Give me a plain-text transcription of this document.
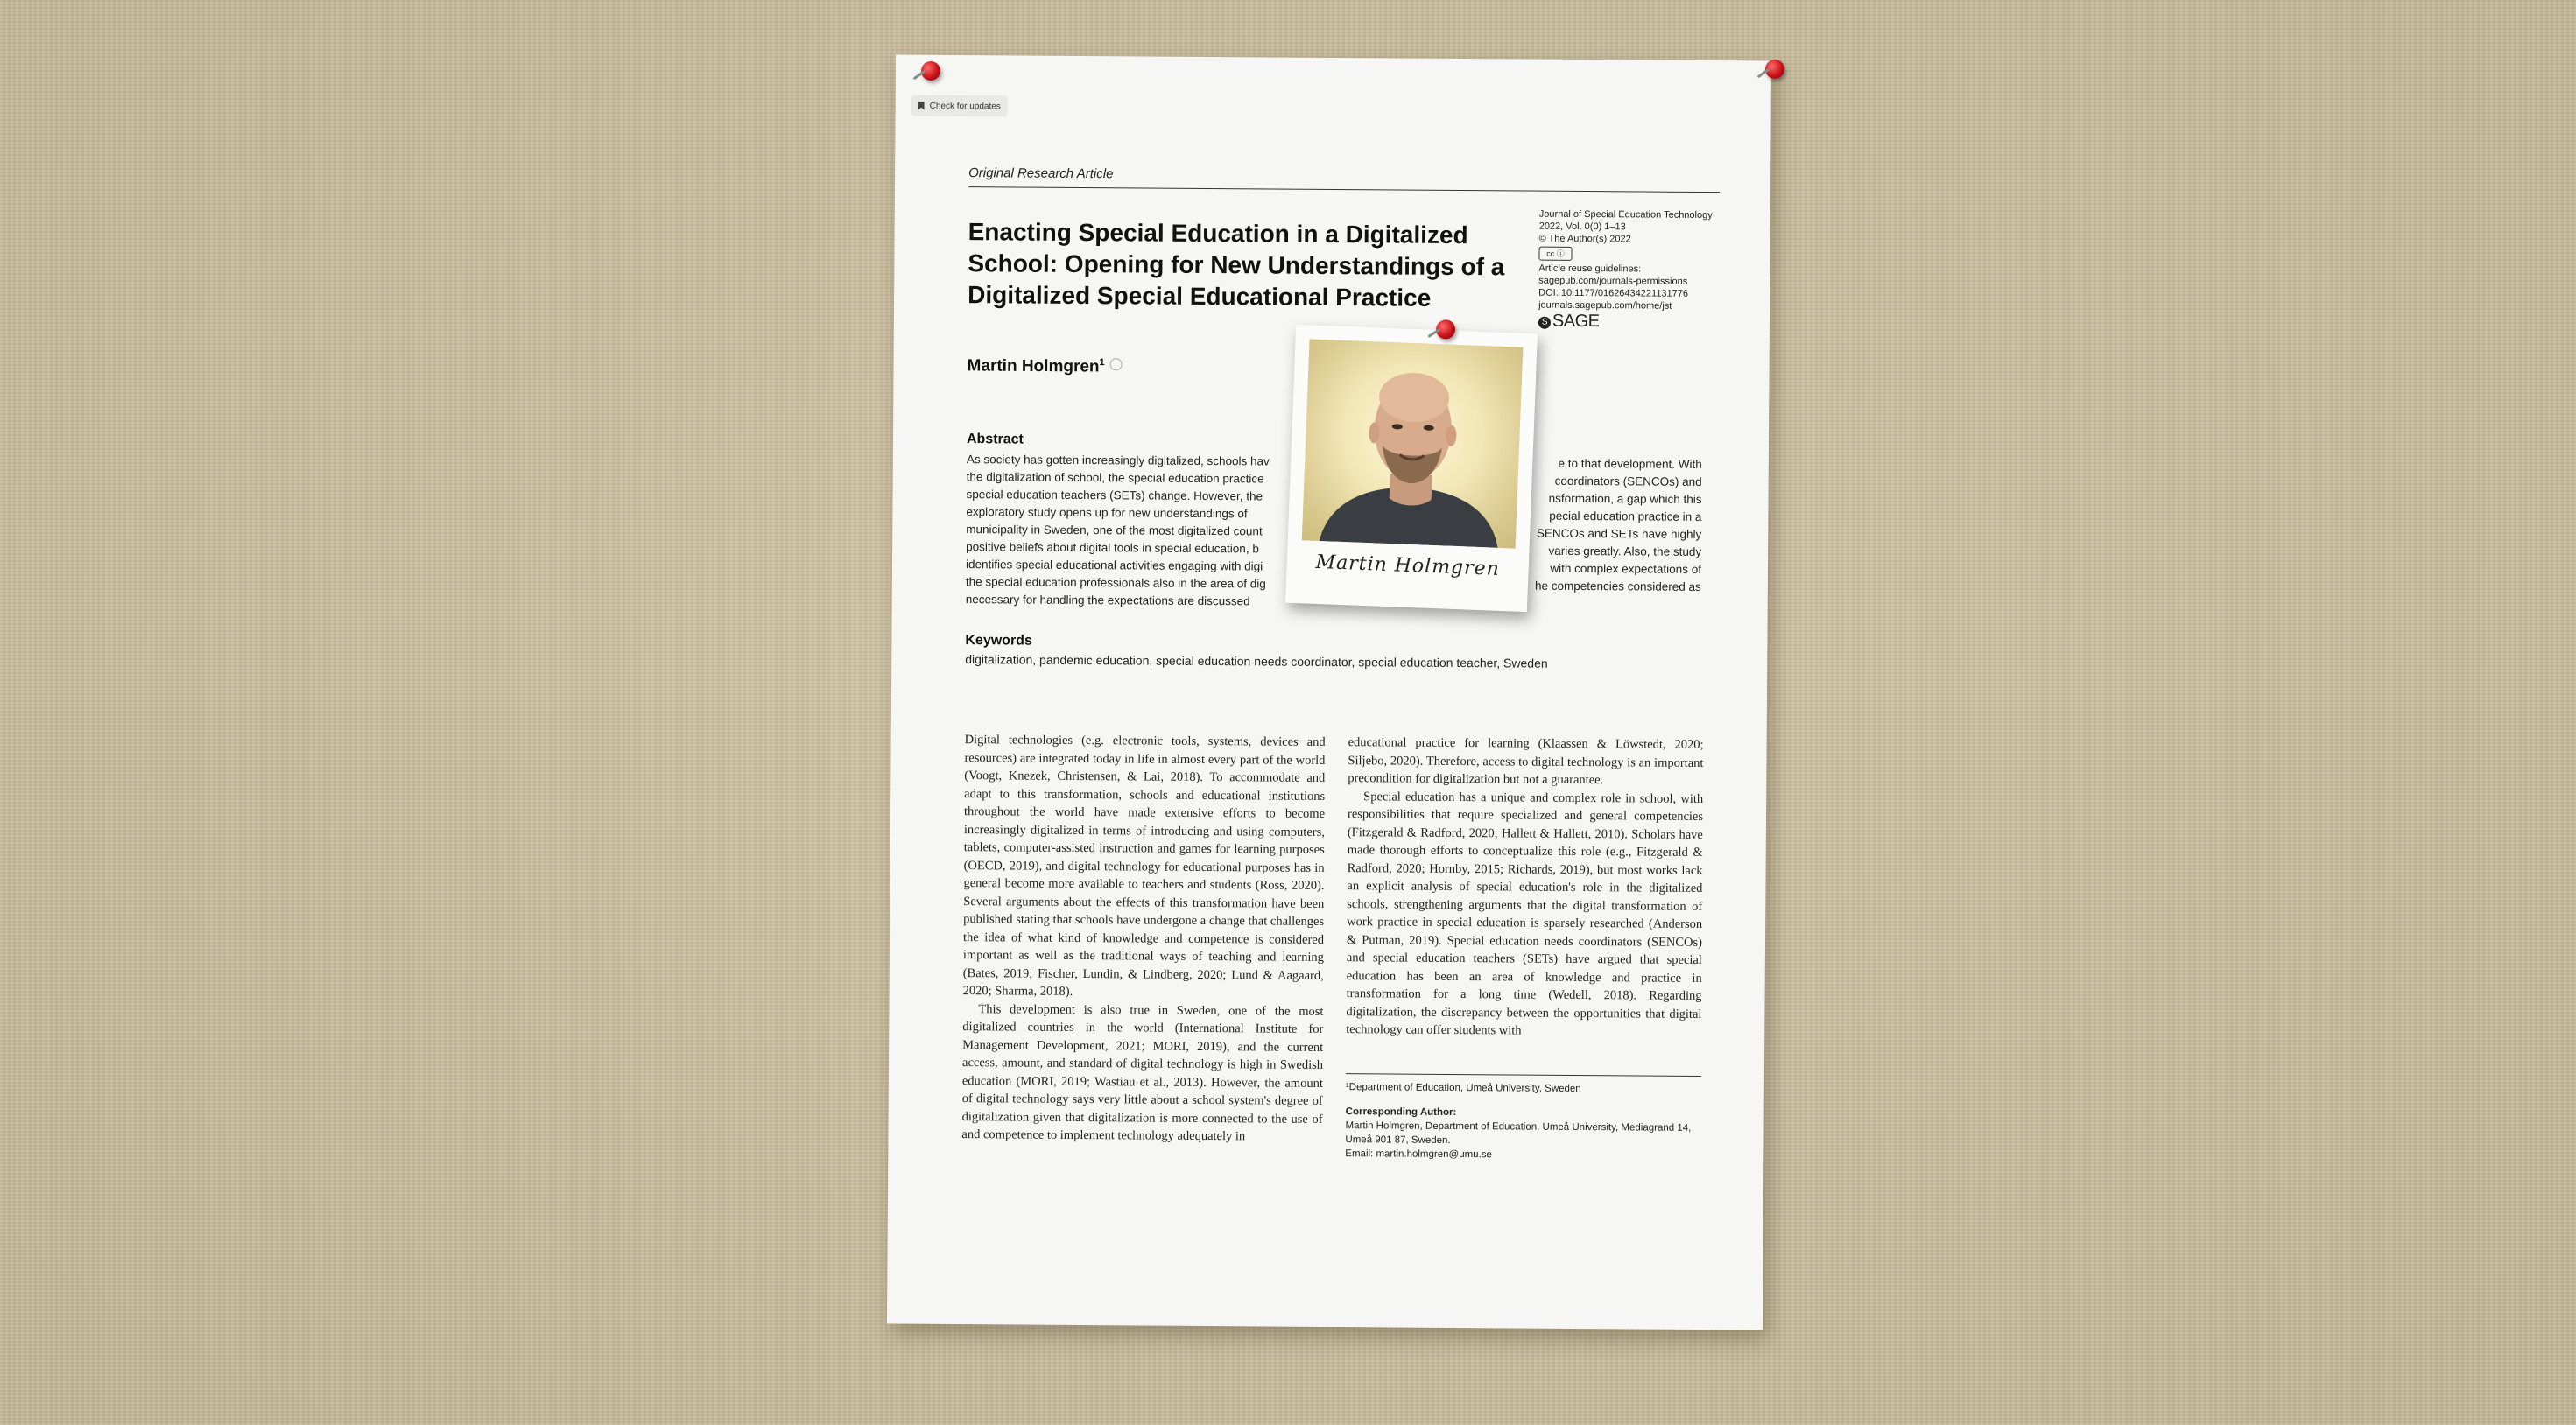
Check for updates
Original Research Article
Enacting Special Education in a Digitalized School: Opening for New Understandings of a Digitalized Special Educational Practice
Journal of Special Education Technology
2022, Vol. 0(0) 1–13
© The Author(s) 2022
cc ⓘ
Article reuse guidelines:
sagepub.com/journals-permissions
DOI: 10.1177/01626434221131776
journals.sagepub.com/home/jst
S SAGE
Martin Holmgren$^1$
Abstract
As society has gotten increasingly digitalized, schools hav	e to that development. With
the digitalization of school, the special education practice	coordinators (SENCOs) and
special education teachers (SETs) change. However, the	nsformation, a gap which this
exploratory study opens up for new understandings of	pecial education practice in a
municipality in Sweden, one of the most digitalized count	SENCOs and SETs have highly
positive beliefs about digital tools in special education, b	varies greatly. Also, the study
identifies special educational activities engaging with digi	with complex expectations of
the special education professionals also in the area of dig	he competencies considered as
necessary for handling the expectations are discussed
Keywords
digitalization, pandemic education, special education needs coordinator, special education teacher, Sweden

Digital technologies (e.g. electronic tools, systems, devices and resources) are integrated today in life in almost every part of the world (Voogt, Knezek, Christensen, & Lai, 2018). To accommodate and adapt to this transformation, schools and educational institutions throughout the world have made extensive efforts to become increasingly digitalized in terms of introducing and using computers, tablets, computer-assisted instruction and games for learning purposes (OECD, 2019), and digital technology for educational purposes has in general become more available to teachers and students (Ross, 2020). Several arguments about the effects of this transformation have been published stating that schools have undergone a change that challenges the idea of what kind of knowledge and competence is considered important as well as the traditional ways of teaching and learning (Bates, 2019; Fischer, Lundin, & Lindberg, 2020; Lund & Aagaard, 2020; Sharma, 2018).

This development is also true in Sweden, one of the most digitalized countries in the world (International Institute for Management Development, 2021; MORI, 2019), and the current access, amount, and standard of digital technology is high in Swedish education (MORI, 2019; Wastiau et al., 2013). However, the amount of digital technology says very little about a school system's degree of digitalization given that digitalization is more connected to the use of and competence to implement technology adequately in

educational practice for learning (Klaassen & Löwstedt, 2020; Siljebo, 2020). Therefore, access to digital technology is an important precondition for digitalization but not a guarantee.

Special education has a unique and complex role in school, with responsibilities that require specialized and general competencies (Fitzgerald & Radford, 2020; Hallett & Hallett, 2010). Scholars have made thorough efforts to conceptualize this role (e.g., Fitzgerald & Radford, 2020; Hornby, 2015; Richards, 2019), but most works lack an explicit analysis of special education's role in the digitalized schools, strengthening arguments that the digital transformation of work practice in special education is sparsely researched (Anderson & Putman, 2019). Special education needs coordinators (SENCOs) and special education teachers (SETs) have argued that special education has been an area of knowledge and practice in transformation for a long time (Wedell, 2018). Regarding digitalization, the discrepancy between the opportunities that digital technology can offer students with

¹Department of Education, Umeå University, Sweden
Corresponding Author:
Martin Holmgren, Department of Education, Umeå University, Mediagrand 14, Umeå 901 87, Sweden.
Email: martin.holmgren@umu.se
Martin Holmgren
